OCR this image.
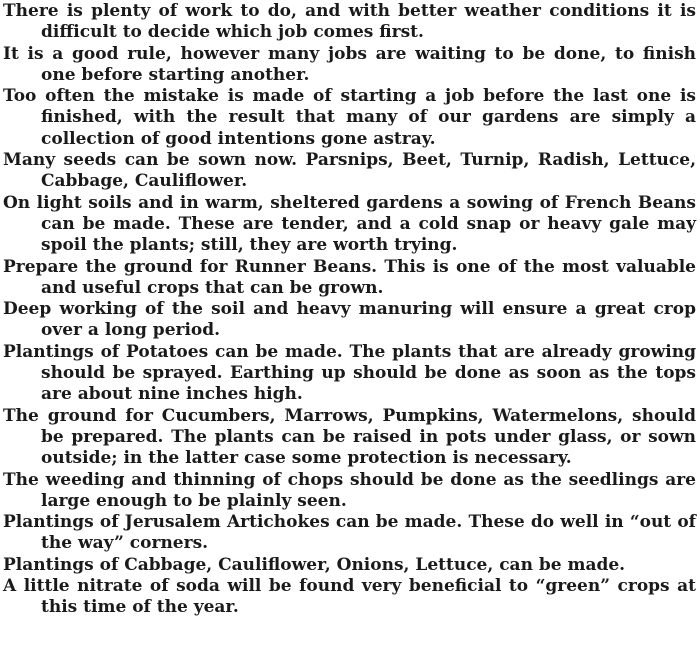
There is plenty of work to do, and with better weather conditions it is difficult to decide which job comes first.

It is a good rule, however many jobs are waiting to be done, to finish one before starting another.

Too often the mistake is made of starting a job before the last one is finished, with the result that many of our gardens are simply a collection of good intentions gone astray.

Many seeds can be sown now. Parsnips, Beet, Turnip, Radish, Lettuce, Cabbage, Cauliflower.

On light soils and in warm, sheltered gardens a sowing of French Beans can be made. These are tender, and a cold snap or heavy gale may spoil the plants; still, they are worth trying.

Prepare the ground for Runner Beans. This is one of the most valuable and useful crops that can be grown.

Deep working of the soil and heavy manuring will ensure a great crop over a long period.

Plantings of Potatoes can be made. The plants that are already growing should be sprayed. Earthing up should be done as soon as the tops are about nine inches high.

The ground for Cucumbers, Marrows, Pumpkins, Watermelons, should be prepared. The plants can be raised in pots under glass, or sown outside; in the latter case some protection is necessary.

The weeding and thinning of chops should be done as the seedlings are large enough to be plainly seen.

Plantings of Jerusalem Artichokes can be made. These do well in “out of the way” corners.

Plantings of Cabbage, Cauliflower, Onions, Lettuce, can be made.

A little nitrate of soda will be found very beneficial to “green” crops at this time of the year.
